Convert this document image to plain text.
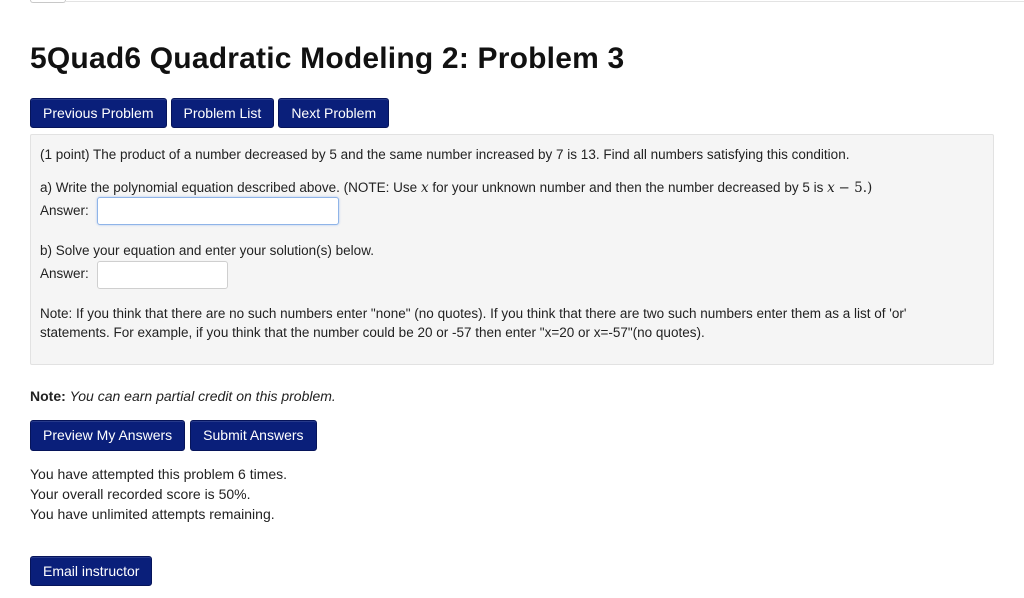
5Quad6 Quadratic Modeling 2: Problem 3
Previous Problem	Problem List	Next Problem
(1 point) The product of a number decreased by 5 and the same number increased by 7 is 13. Find all numbers satisfying this condition.
a) Write the polynomial equation described above. (NOTE: Use x for your unknown number and then the number decreased by 5 is x − 5.)
Answer:
b) Solve your equation and enter your solution(s) below.
Answer:
Note: If you think that there are no such numbers enter "none" (no quotes). If you think that there are two such numbers enter them as a list of 'or'
statements. For example, if you think that the number could be 20 or -57 then enter "x=20 or x=-57"(no quotes).
Note: You can earn partial credit on this problem.
Preview My Answers	Submit Answers
You have attempted this problem 6 times.
Your overall recorded score is 50%.
You have unlimited attempts remaining.
Email instructor
